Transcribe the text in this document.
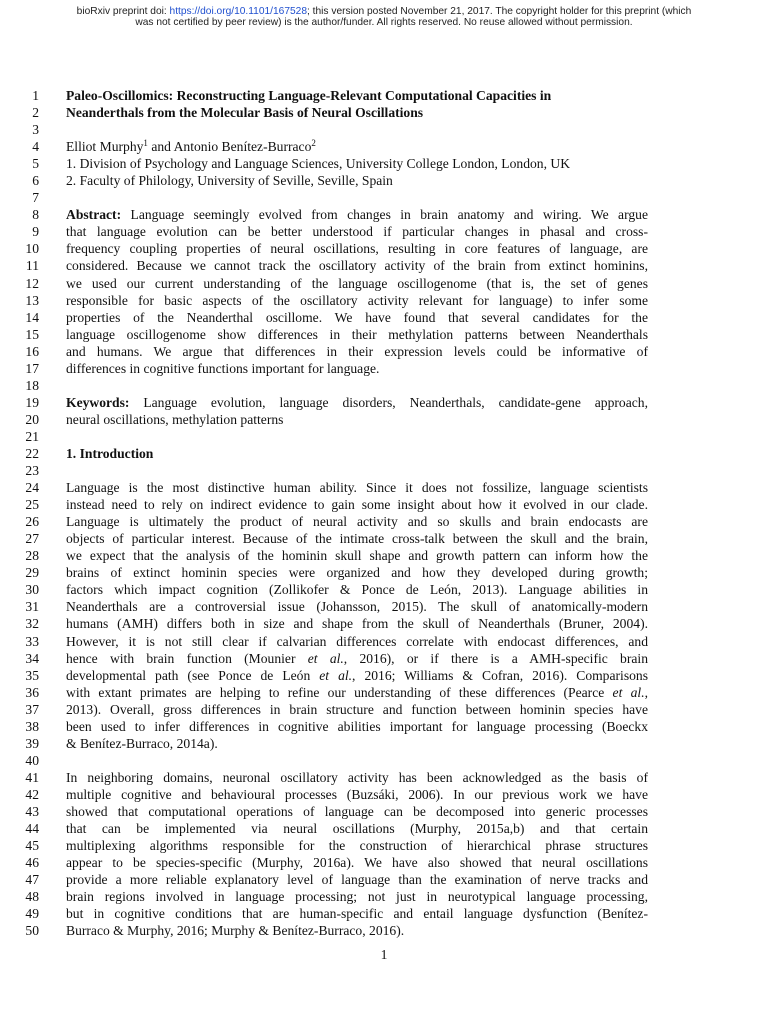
bioRxiv preprint doi: https://doi.org/10.1101/167528; this version posted November 21, 2017. The copyright holder for this preprint (which
was not certified by peer review) is the author/funder. All rights reserved. No reuse allowed without permission.
1	Paleo-Oscillomics: Reconstructing Language-Relevant Computational Capacities in
2	Neanderthals from the Molecular Basis of Neural Oscillations
3
4	Elliot Murphy$^1$ and Antonio Benítez-Burraco$^2$
5	1. Division of Psychology and Language Sciences, University College London, London, UK
6	2. Faculty of Philology, University of Seville, Seville, Spain
7
8	Abstract: Language seemingly evolved from changes in brain anatomy and wiring. We argue
9	that language evolution can be better understood if particular changes in phasal and cross-
10	frequency coupling properties of neural oscillations, resulting in core features of language, are
11	considered. Because we cannot track the oscillatory activity of the brain from extinct hominins,
12	we used our current understanding of the language oscillogenome (that is, the set of genes
13	responsible for basic aspects of the oscillatory activity relevant for language) to infer some
14	properties of the Neanderthal oscillome. We have found that several candidates for the
15	language oscillogenome show differences in their methylation patterns between Neanderthals
16	and humans. We argue that differences in their expression levels could be informative of
17	differences in cognitive functions important for language.
18
19	Keywords: Language evolution, language disorders, Neanderthals, candidate-gene approach,
20	neural oscillations, methylation patterns
21
22	1. Introduction
23
24	Language is the most distinctive human ability. Since it does not fossilize, language scientists
25	instead need to rely on indirect evidence to gain some insight about how it evolved in our clade.
26	Language is ultimately the product of neural activity and so skulls and brain endocasts are
27	objects of particular interest. Because of the intimate cross-talk between the skull and the brain,
28	we expect that the analysis of the hominin skull shape and growth pattern can inform how the
29	brains of extinct hominin species were organized and how they developed during growth;
30	factors which impact cognition (Zollikofer & Ponce de León, 2013). Language abilities in
31	Neanderthals are a controversial issue (Johansson, 2015). The skull of anatomically-modern
32	humans (AMH) differs both in size and shape from the skull of Neanderthals (Bruner, 2004).
33	However, it is not still clear if calvarian differences correlate with endocast differences, and
34	hence with brain function (Mounier et al., 2016), or if there is a AMH-specific brain
35	developmental path (see Ponce de León et al., 2016; Williams & Cofran, 2016). Comparisons
36	with extant primates are helping to refine our understanding of these differences (Pearce et al.,
37	2013). Overall, gross differences in brain structure and function between hominin species have
38	been used to infer differences in cognitive abilities important for language processing (Boeckx
39	& Benítez-Burraco, 2014a).
40
41	In neighboring domains, neuronal oscillatory activity has been acknowledged as the basis of
42	multiple cognitive and behavioural processes (Buzsáki, 2006). In our previous work we have
43	showed that computational operations of language can be decomposed into generic processes
44	that can be implemented via neural oscillations (Murphy, 2015a,b) and that certain
45	multiplexing algorithms responsible for the construction of hierarchical phrase structures
46	appear to be species-specific (Murphy, 2016a). We have also showed that neural oscillations
47	provide a more reliable explanatory level of language than the examination of nerve tracks and
48	brain regions involved in language processing; not just in neurotypical language processing,
49	but in cognitive conditions that are human-specific and entail language dysfunction (Benítez-
50	Burraco & Murphy, 2016; Murphy & Benítez-Burraco, 2016).
1
